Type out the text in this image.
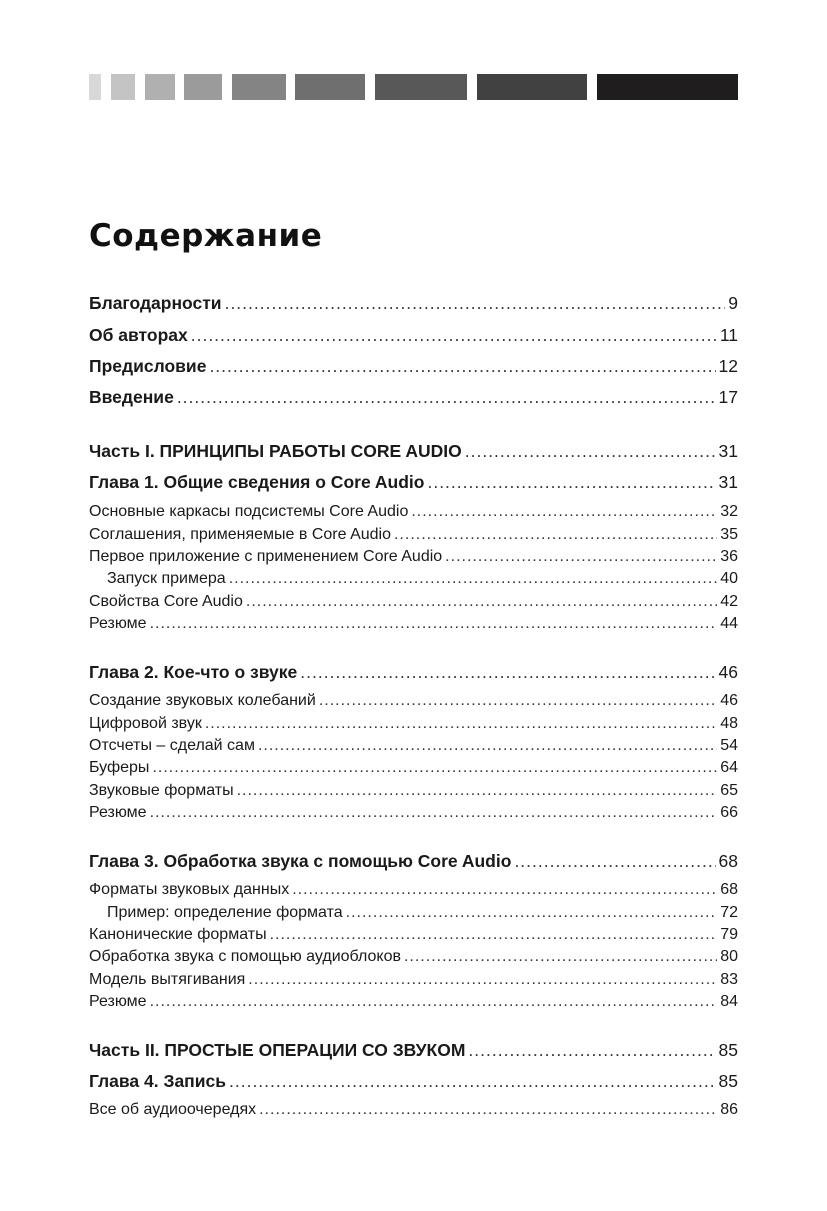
Содержание
Благодарности .....	9
Об авторах .....	11
Предисловие .....	12
Введение .....	17
Часть I. ПРИНЦИПЫ РАБОТЫ CORE AUDIO .....	31
Глава 1. Общие сведения о Core Audio .....	31
Основные каркасы подсистемы Core Audio .....	32
Соглашения, применяемые в Core Audio .....	35
Первое приложение с применением Core Audio .....	36
Запуск примера .....	40
Свойства Core Audio .....	42
Резюме .....	44
Глава 2. Кое-что о звуке .....	46
Создание звуковых колебаний .....	46
Цифровой звук .....	48
Отсчеты – сделай сам .....	54
Буферы .....	64
Звуковые форматы .....	65
Резюме .....	66
Глава 3. Обработка звука с помощью Core Audio .....	68
Форматы звуковых данных .....	68
Пример: определение формата .....	72
Канонические форматы .....	79
Обработка звука с помощью аудиоблоков .....	80
Модель вытягивания .....	83
Резюме .....	84
Часть II. ПРОСТЫЕ ОПЕРАЦИИ СО ЗВУКОМ .....	85
Глава 4. Запись .....	85
Все об аудиоочередях .....	86
